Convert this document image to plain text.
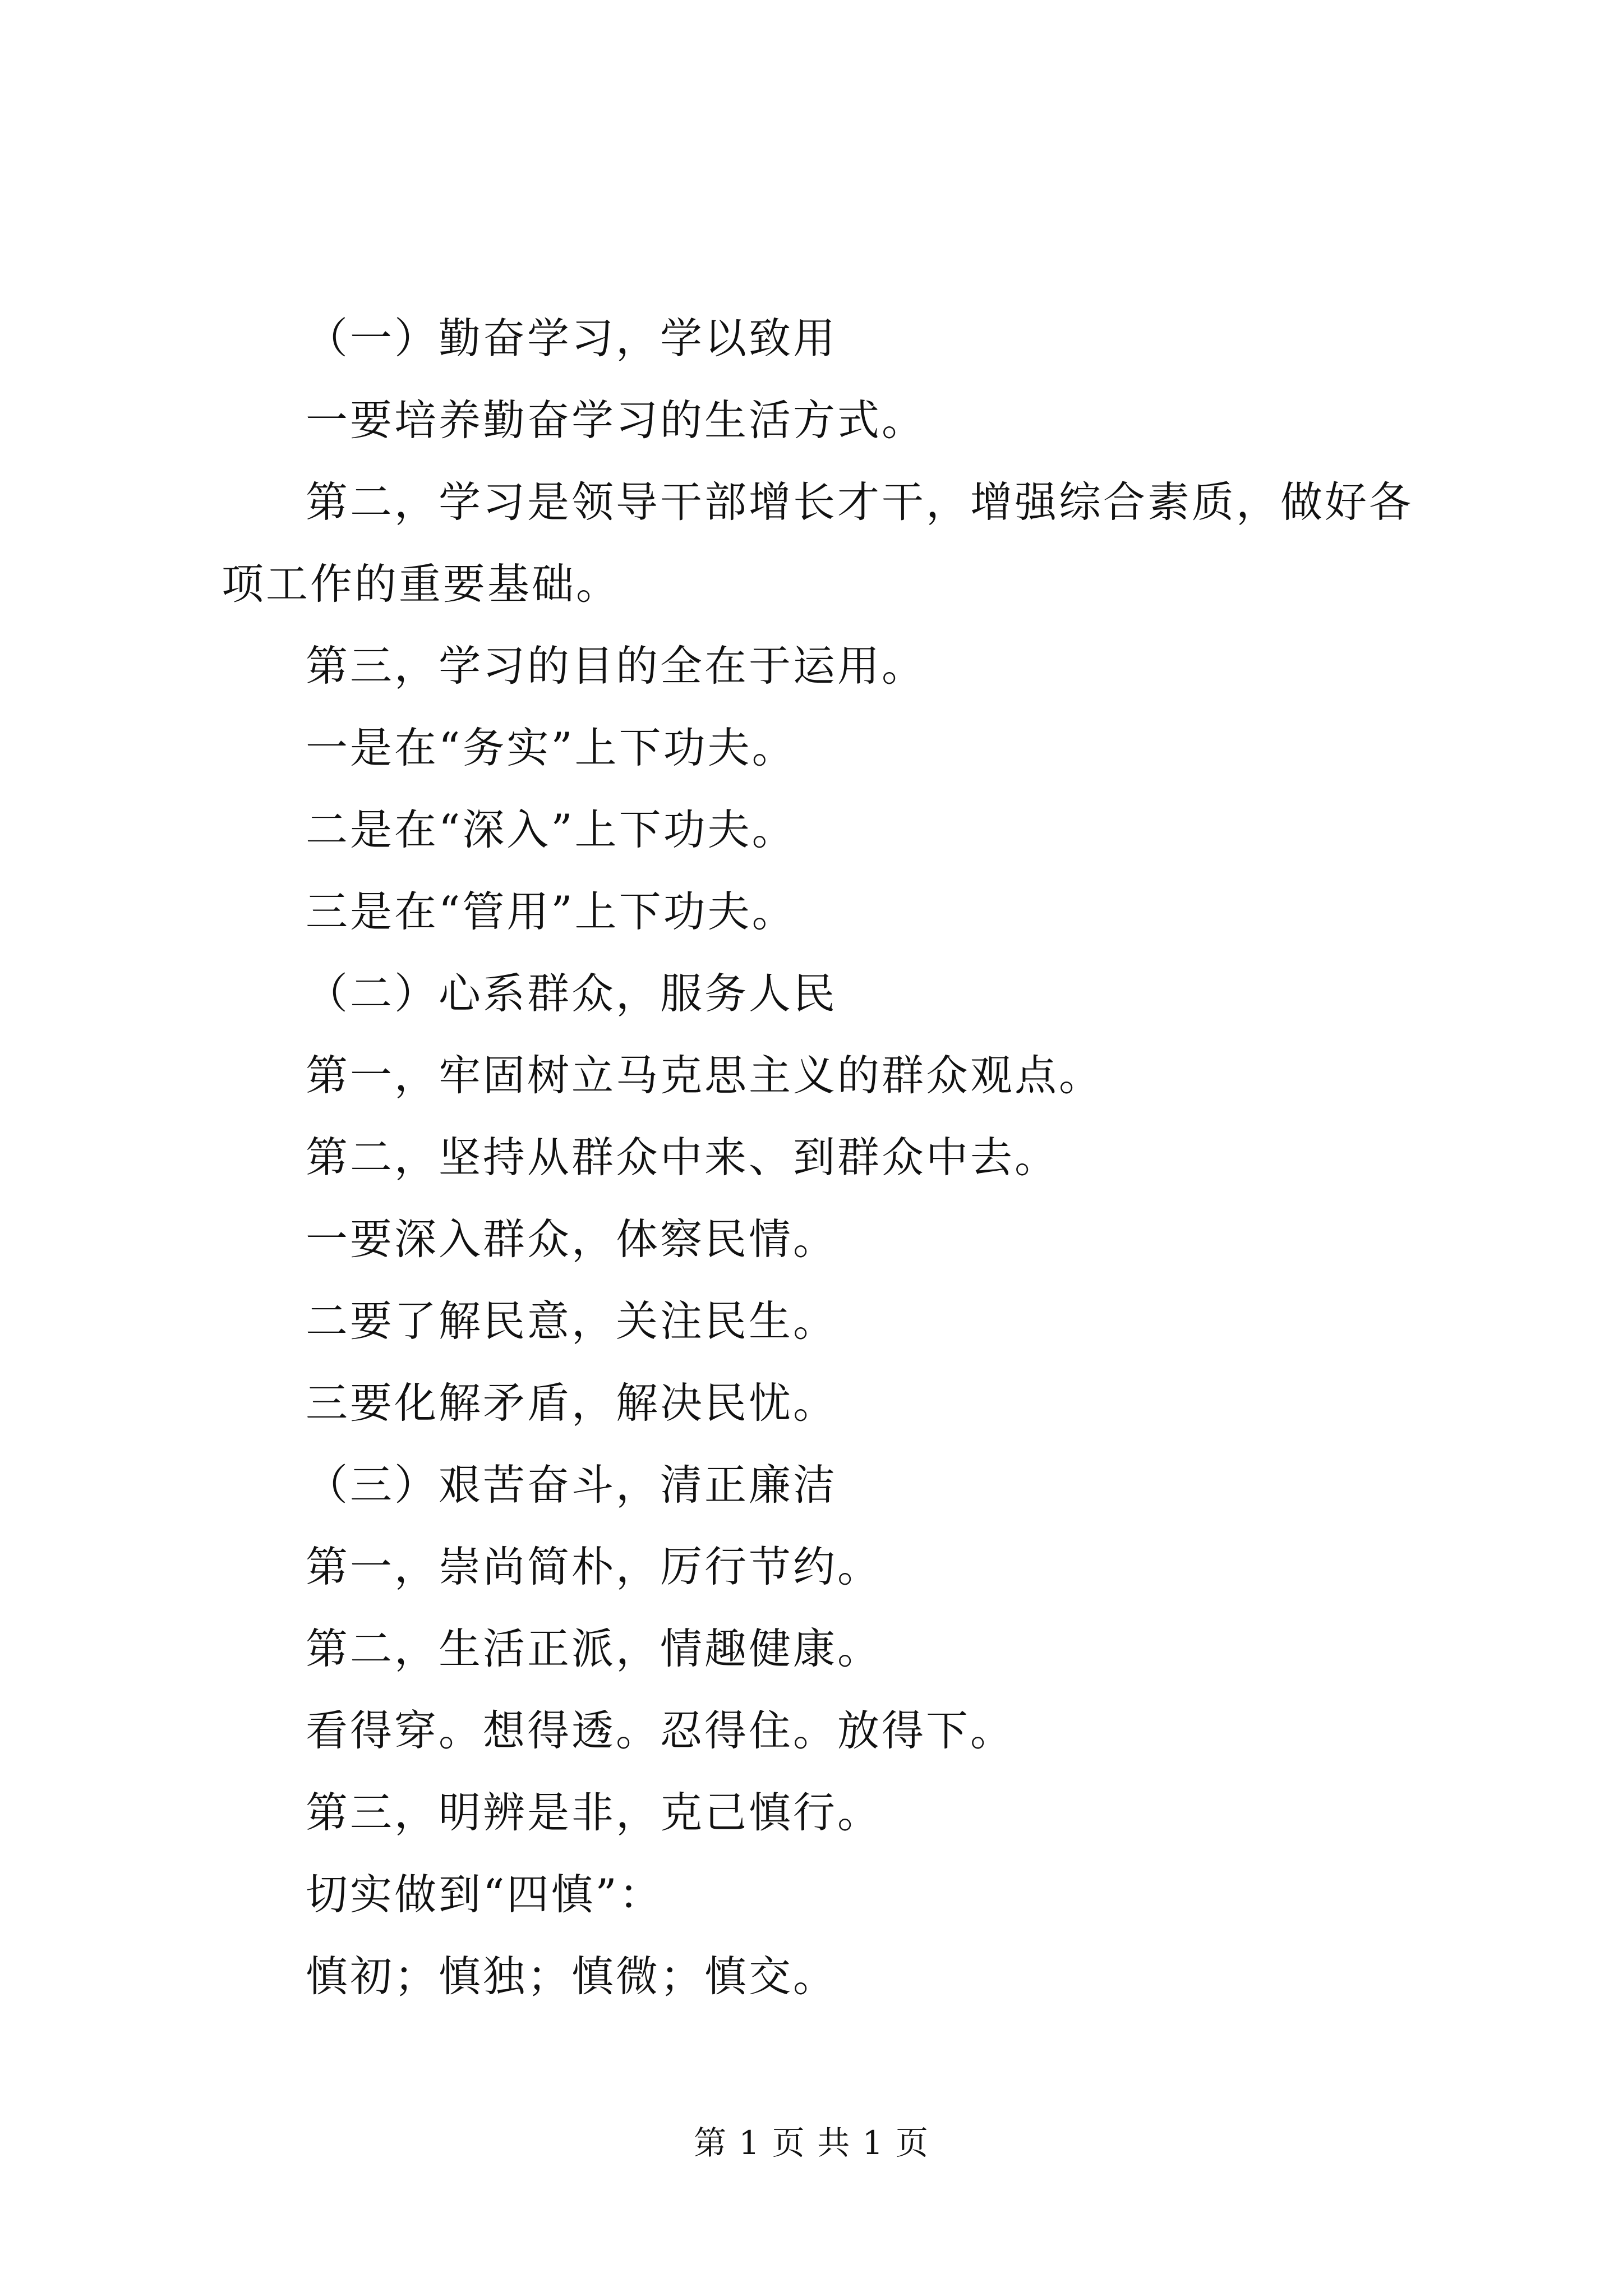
（一）勤奋学习，学以致用

一要培养勤奋学习的生活方式。

第二，学习是领导干部增长才干，增强综合素质，做好各项工作的重要基础。

第三，学习的目的全在于运用。

一是在“务实”上下功夫。

二是在“深入”上下功夫。

三是在“管用”上下功夫。

（二）心系群众，服务人民

第一，牢固树立马克思主义的群众观点。

第二，坚持从群众中来、到群众中去。

一要深入群众，体察民情。

二要了解民意，关注民生。

三要化解矛盾，解决民忧。

（三）艰苦奋斗，清正廉洁

第一，崇尚简朴，厉行节约。

第二，生活正派，情趣健康。

看得穿。想得透。忍得住。放得下。

第三，明辨是非，克己慎行。

切实做到“四慎”：

慎初；慎独；慎微；慎交。

第 1 页 共 1 页
